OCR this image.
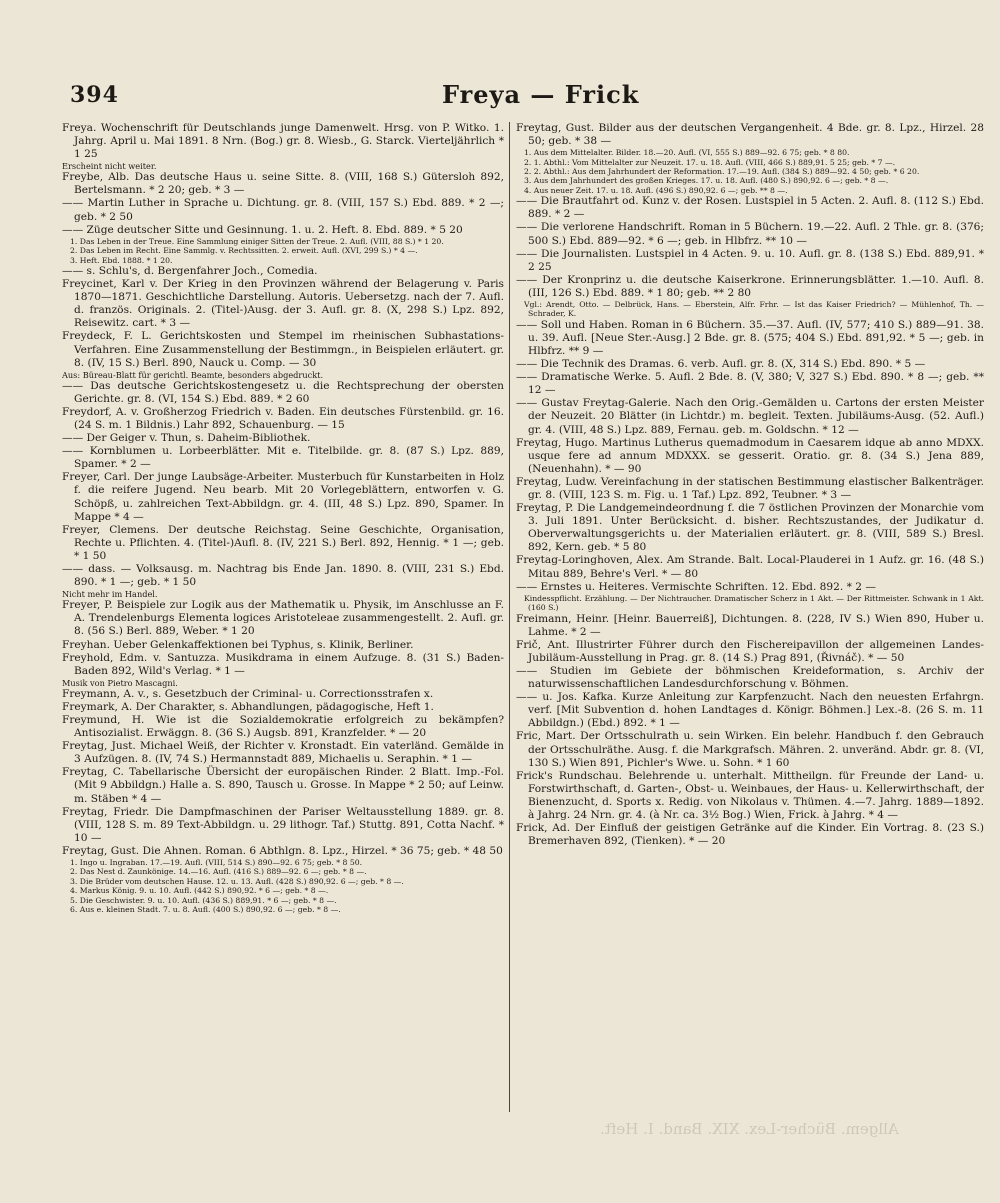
394	Freya — Frick

Freya. Wochenschrift für Deutschlands junge Damenwelt. Hrsg. von P. Witko. 1. Jahrg. April u. Mai 1891. 8 Nrn. (Bog.) gr. 8. Wiesb., G. Starck. Vierteljährlich * 1 25

Erscheint nicht weiter.

Freybe, Alb. Das deutsche Haus u. seine Sitte. 8. (VIII, 168 S.) Gütersloh 892, Bertelsmann. * 2 20; geb. * 3 —

—— Martin Luther in Sprache u. Dichtung. gr. 8. (VIII, 157 S.) Ebd. 889. * 2 —; geb. * 2 50

—— Züge deutscher Sitte und Gesinnung. 1. u. 2. Heft. 8. Ebd. 889. * 5 20

1. Das Leben in der Treue. Eine Sammlung einiger Sitten der Treue. 2. Aufl. (VIII, 88 S.) * 1 20.

2. Das Leben im Recht. Eine Sammlg. v. Rechtssitten. 2. erweit. Aufl. (XVI, 299 S.) * 4 —.

3. Heft. Ebd. 1888. * 1 20.

—— s. Schlu's, d. Bergenfahrer Joch., Comedia.

Freycinet, Karl v. Der Krieg in den Provinzen während der Belagerung v. Paris 1870—1871. Geschichtliche Darstellung. Autoris. Uebersetzg. nach der 7. Aufl. d. französ. Originals. 2. (Titel-)Ausg. der 3. Aufl. gr. 8. (X, 298 S.) Lpz. 892, Reisewitz. cart. * 3 —

Freydeck, F. L. Gerichtskosten und Stempel im rheinischen Subhastations-Verfahren. Eine Zusammenstellung der Bestimmgn., in Beispielen erläutert. gr. 8. (IV, 15 S.) Berl. 890, Nauck u. Comp. — 30

Aus: Büreau-Blatt für gerichtl. Beamte, besonders abgedruckt.

—— Das deutsche Gerichtskostengesetz u. die Rechtsprechung der obersten Gerichte. gr. 8. (VI, 154 S.) Ebd. 889. * 2 60

Freydorf, A. v. Großherzog Friedrich v. Baden. Ein deutsches Fürstenbild. gr. 16. (24 S. m. 1 Bildnis.) Lahr 892, Schauenburg. — 15

—— Der Geiger v. Thun, s. Daheim-Bibliothek.

—— Kornblumen u. Lorbeerblätter. Mit e. Titelbilde. gr. 8. (87 S.) Lpz. 889, Spamer. * 2 —

Freyer, Carl. Der junge Laubsäge-Arbeiter. Musterbuch für Kunstarbeiten in Holz f. die reifere Jugend. Neu bearb. Mit 20 Vorlegeblättern, entworfen v. G. Schöpß, u. zahlreichen Text-Abbildgn. gr. 4. (III, 48 S.) Lpz. 890, Spamer. In Mappe * 4 —

Freyer, Clemens. Der deutsche Reichstag. Seine Geschichte, Organisation, Rechte u. Pflichten. 4. (Titel-)Aufl. 8. (IV, 221 S.) Berl. 892, Hennig. * 1 —; geb. * 1 50

—— dass. — Volksausg. m. Nachtrag bis Ende Jan. 1890. 8. (VIII, 231 S.) Ebd. 890. * 1 —; geb. * 1 50

Nicht mehr im Handel.

Freyer, P. Beispiele zur Logik aus der Mathematik u. Physik, im Anschlusse an F. A. Trendelenburgs Elementa logices Aristoteleae zusammengestellt. 2. Aufl. gr. 8. (56 S.) Berl. 889, Weber. * 1 20

Freyhan. Ueber Gelenkaffektionen bei Typhus, s. Klinik, Berliner.

Freyhold, Edm. v. Santuzza. Musikdrama in einem Aufzuge. 8. (31 S.) Baden-Baden 892, Wild's Verlag. * 1 —

Musik von Pietro Mascagni.

Freymann, A. v., s. Gesetzbuch der Criminal- u. Correctionsstrafen x.

Freymark, A. Der Charakter, s. Abhandlungen, pädagogische, Heft 1.

Freymund, H. Wie ist die Sozialdemokratie erfolgreich zu bekämpfen? Antisozialist. Erwäggn. 8. (36 S.) Augsb. 891, Kranzfelder. * — 20

Freytag, Just. Michael Weiß, der Richter v. Kronstadt. Ein vaterländ. Gemälde in 3 Aufzügen. 8. (IV, 74 S.) Hermannstadt 889, Michaelis u. Seraphin. * 1 —

Freytag, C. Tabellarische Übersicht der europäischen Rinder. 2 Blatt. Imp.-Fol. (Mit 9 Abbildgn.) Halle a. S. 890, Tausch u. Grosse. In Mappe * 2 50; auf Leinw. m. Stäben * 4 —

Freytag, Friedr. Die Dampfmaschinen der Pariser Weltausstellung 1889. gr. 8. (VIII, 128 S. m. 89 Text-Abbildgn. u. 29 lithogr. Taf.) Stuttg. 891, Cotta Nachf. * 10 —

Freytag, Gust. Die Ahnen. Roman. 6 Abthlgn. 8. Lpz., Hirzel. * 36 75; geb. * 48 50

1. Ingo u. Ingraban. 17.—19. Aufl. (VIII, 514 S.) 890—92. 6 75; geb. * 8 50.

2. Das Nest d. Zaunkönige. 14.—16. Aufl. (416 S.) 889—92. 6 —; geb. * 8 —.

3. Die Brüder vom deutschen Hause. 12. u. 13. Aufl. (428 S.) 890,92. 6 —; geb. * 8 —.

4. Markus König. 9. u. 10. Aufl. (442 S.) 890,92. * 6 —; geb. * 8 —.

5. Die Geschwister. 9. u. 10. Aufl. (436 S.) 889,91. * 6 —; geb. * 8 —.

6. Aus e. kleinen Stadt. 7. u. 8. Aufl. (400 S.) 890,92. 6 —; geb. * 8 —.

Freytag, Gust. Bilder aus der deutschen Vergangenheit. 4 Bde. gr. 8. Lpz., Hirzel. 28 50; geb. * 38 —

1. Aus dem Mittelalter. Bilder. 18.—20. Aufl. (VI, 555 S.) 889—92. 6 75; geb. * 8 80.

2. 1. Abthl.: Vom Mittelalter zur Neuzeit. 17. u. 18. Aufl. (VIII, 466 S.) 889,91. 5 25; geb. * 7 —.

2. 2. Abthl.: Aus dem Jahrhundert der Reformation. 17.—19. Aufl. (384 S.) 889—92. 4 50; geb. * 6 20.

3. Aus dem Jahrhundert des großen Krieges. 17. u. 18. Aufl. (480 S.) 890,92. 6 —; geb. * 8 —.

4. Aus neuer Zeit. 17. u. 18. Aufl. (496 S.) 890,92. 6 —; geb. ** 8 —.

—— Die Brautfahrt od. Kunz v. der Rosen. Lustspiel in 5 Acten. 2. Aufl. 8. (112 S.) Ebd. 889. * 2 —

—— Die verlorene Handschrift. Roman in 5 Büchern. 19.—22. Aufl. 2 Thle. gr. 8. (376; 500 S.) Ebd. 889—92. * 6 —; geb. in Hlbfrz. ** 10 —

—— Die Journalisten. Lustspiel in 4 Acten. 9. u. 10. Aufl. gr. 8. (138 S.) Ebd. 889,91. * 2 25

—— Der Kronprinz u. die deutsche Kaiserkrone. Erinnerungsblätter. 1.—10. Aufl. 8. (III, 126 S.) Ebd. 889. * 1 80; geb. ** 2 80

Vgl.: Arendt, Otto. — Delbrück, Hans. — Eberstein, Alfr. Frhr. — Ist das Kaiser Friedrich? — Mühlenhof, Th. — Schrader, K.

—— Soll und Haben. Roman in 6 Büchern. 35.—37. Aufl. (IV, 577; 410 S.) 889—91. 38. u. 39. Aufl. [Neue Ster.-Ausg.] 2 Bde. gr. 8. (575; 404 S.) Ebd. 891,92. * 5 —; geb. in Hlbfrz. ** 9 —

—— Die Technik des Dramas. 6. verb. Aufl. gr. 8. (X, 314 S.) Ebd. 890. * 5 —

—— Dramatische Werke. 5. Aufl. 2 Bde. 8. (V, 380; V, 327 S.) Ebd. 890. * 8 —; geb. ** 12 —

—— Gustav Freytag-Galerie. Nach den Orig.-Gemälden u. Cartons der ersten Meister der Neuzeit. 20 Blätter (in Lichtdr.) m. begleit. Texten. Jubiläums-Ausg. (52. Aufl.) gr. 4. (VIII, 48 S.) Lpz. 889, Fernau. geb. m. Goldschn. * 12 —

Freytag, Hugo. Martinus Lutherus quemadmodum in Caesarem idque ab anno MDXX. usque fere ad annum MDXXX. se gesserit. Oratio. gr. 8. (34 S.) Jena 889, (Neuenhahn). * — 90

Freytag, Ludw. Vereinfachung in der statischen Bestimmung elastischer Balkenträger. gr. 8. (VIII, 123 S. m. Fig. u. 1 Taf.) Lpz. 892, Teubner. * 3 —

Freytag, P. Die Landgemeindeordnung f. die 7 östlichen Provinzen der Monarchie vom 3. Juli 1891. Unter Berücksicht. d. bisher. Rechtszustandes, der Judikatur d. Oberverwaltungsgerichts u. der Materialien erläutert. gr. 8. (VIII, 589 S.) Bresl. 892, Kern. geb. * 5 80

Freytag-Loringhoven, Alex. Am Strande. Balt. Local-Plauderei in 1 Aufz. gr. 16. (48 S.) Mitau 889, Behre's Verl. * — 80

—— Ernstes u. Heiteres. Vermischte Schriften. 12. Ebd. 892. * 2 —

Kindesspflicht. Erzählung. — Der Nichtraucher. Dramatischer Scherz in 1 Akt. — Der Rittmeister. Schwank in 1 Akt. (160 S.)

Freimann, Heinr. [Heinr. Bauerreiß], Dichtungen. 8. (228, IV S.) Wien 890, Huber u. Lahme. * 2 —

Frič, Ant. Illustrirter Führer durch den Fischereipavillon der allgemeinen Landes-Jubiläum-Ausstellung in Prag. gr. 8. (14 S.) Prag 891, (Řivnáč). * — 50

—— Studien im Gebiete der böhmischen Kreideformation, s. Archiv der naturwissenschaftlichen Landesdurchforschung v. Böhmen.

—— u. Jos. Kafka. Kurze Anleitung zur Karpfenzucht. Nach den neuesten Erfahrgn. verf. [Mit Subvention d. hohen Landtages d. Königr. Böhmen.] Lex.-8. (26 S. m. 11 Abbildgn.) (Ebd.) 892. * 1 —

Fric, Mart. Der Ortsschulrath u. sein Wirken. Ein belehr. Handbuch f. den Gebrauch der Ortsschulräthe. Ausg. f. die Markgrafsch. Mähren. 2. unveränd. Abdr. gr. 8. (VI, 130 S.) Wien 891, Pichler's Wwe. u. Sohn. * 1 60

Frick's Rundschau. Belehrende u. unterhalt. Mittheilgn. für Freunde der Land- u. Forstwirthschaft, d. Garten-, Obst- u. Weinbaues, der Haus- u. Kellerwirthschaft, der Bienenzucht, d. Sports x. Redig. von Nikolaus v. Thümen. 4.—7. Jahrg. 1889—1892. à Jahrg. 24 Nrn. gr. 4. (à Nr. ca. 3½ Bog.) Wien, Frick. à Jahrg. * 4 —

Frick, Ad. Der Einfluß der geistigen Getränke auf die Kinder. Ein Vortrag. 8. (23 S.) Bremerhaven 892, (Tienken). * — 20

Allgem. Bücher-Lex. XIX. Band. I. Heft.
